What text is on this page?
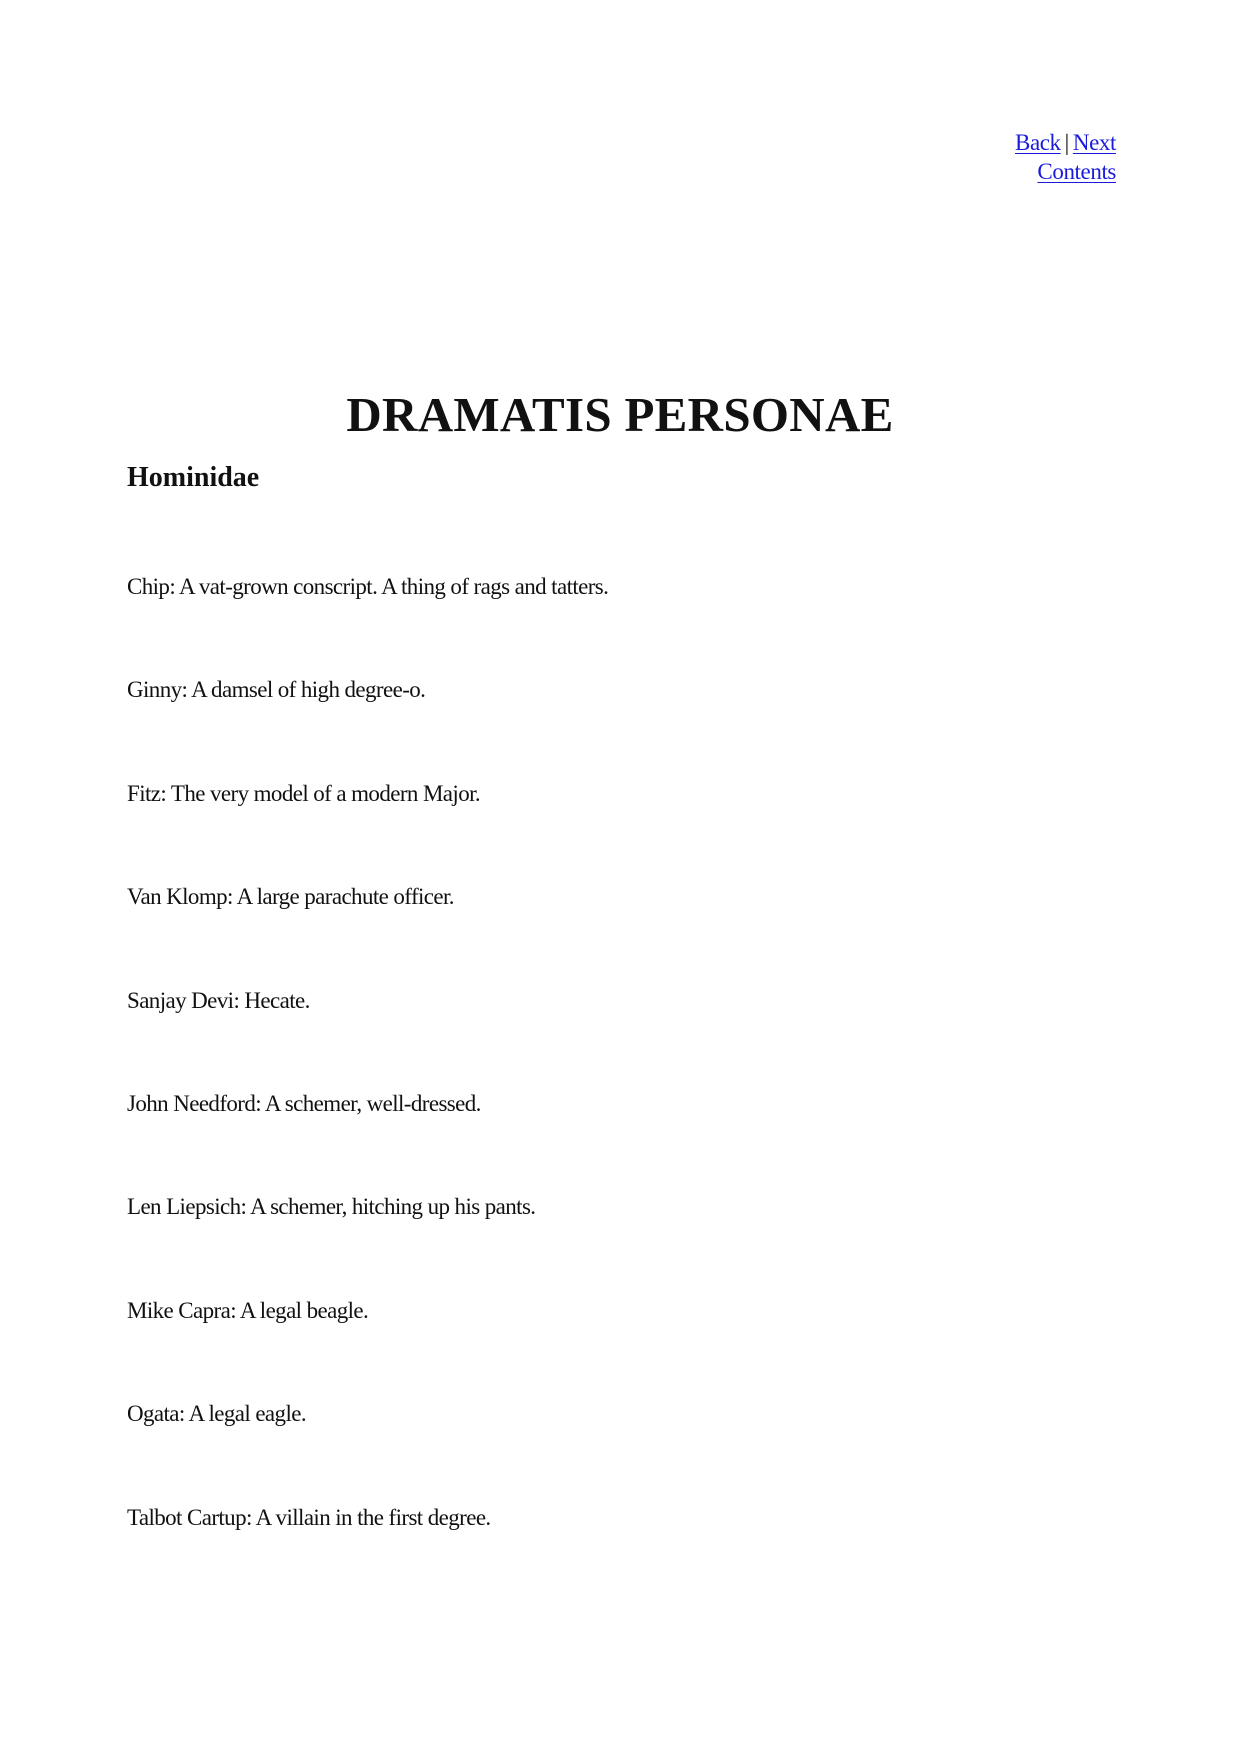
Back | Next
Contents
DRAMATIS PERSONAE
Hominidae
Chip: A vat-grown conscript. A thing of rags and tatters.
Ginny: A damsel of high degree-o.
Fitz: The very model of a modern Major.
Van Klomp: A large parachute officer.
Sanjay Devi: Hecate.
John Needford: A schemer, well-dressed.
Len Liepsich: A schemer, hitching up his pants.
Mike Capra: A legal beagle.
Ogata: A legal eagle.
Talbot Cartup: A villain in the first degree.
